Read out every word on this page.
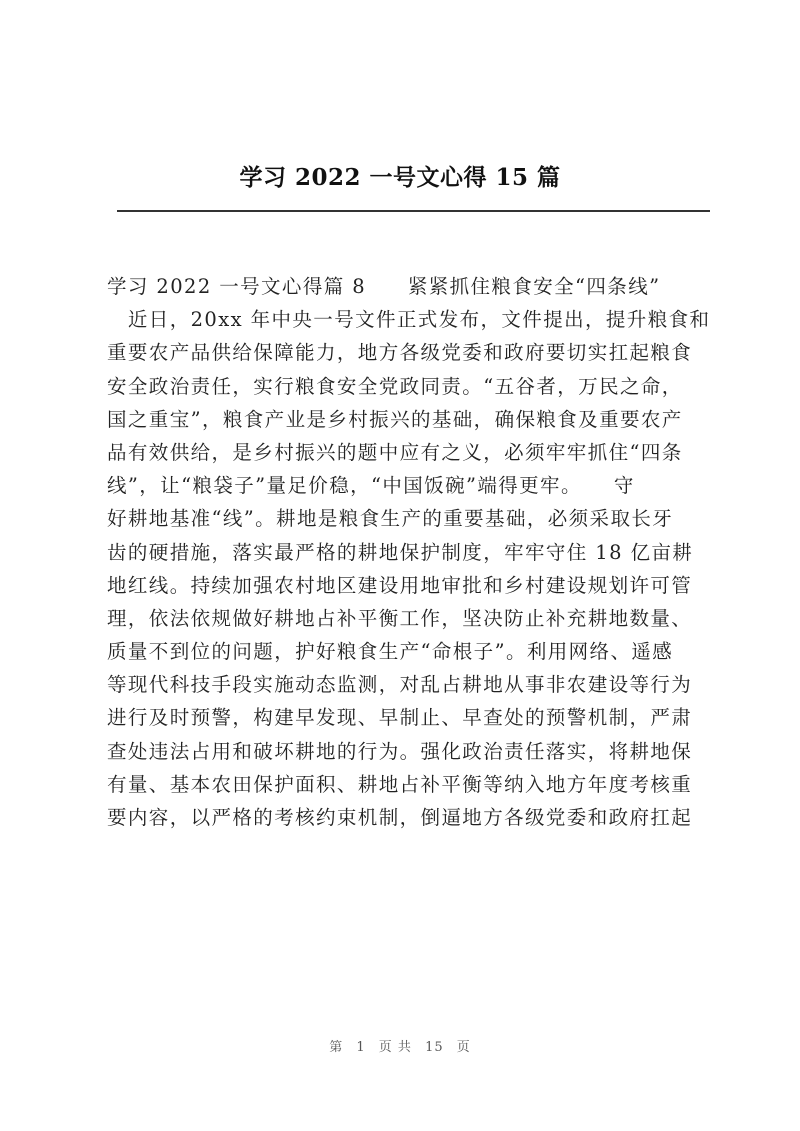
学习 2022 一号文心得 15 篇
学习 2022 一号文心得篇 8　　紧紧抓住粮食安全“四条线”
　近日，20xx 年中央一号文件正式发布，文件提出，提升粮食和
重要农产品供给保障能力，地方各级党委和政府要切实扛起粮食
安全政治责任，实行粮食安全党政同责。“五谷者，万民之命，
国之重宝”，粮食产业是乡村振兴的基础，确保粮食及重要农产
品有效供给，是乡村振兴的题中应有之义，必须牢牢抓住“四条
线”，让“粮袋子”量足价稳，“中国饭碗”端得更牢。　　守
好耕地基准“线”。耕地是粮食生产的重要基础，必须采取长牙
齿的硬措施，落实最严格的耕地保护制度，牢牢守住 18 亿亩耕
地红线。持续加强农村地区建设用地审批和乡村建设规划许可管
理，依法依规做好耕地占补平衡工作，坚决防止补充耕地数量、
质量不到位的问题，护好粮食生产“命根子”。利用网络、遥感
等现代科技手段实施动态监测，对乱占耕地从事非农建设等行为
进行及时预警，构建早发现、早制止、早查处的预警机制，严肃
查处违法占用和破坏耕地的行为。强化政治责任落实，将耕地保
有量、基本农田保护面积、耕地占补平衡等纳入地方年度考核重
要内容，以严格的考核约束机制，倒逼地方各级党委和政府扛起
第 1 页 共 15 页
